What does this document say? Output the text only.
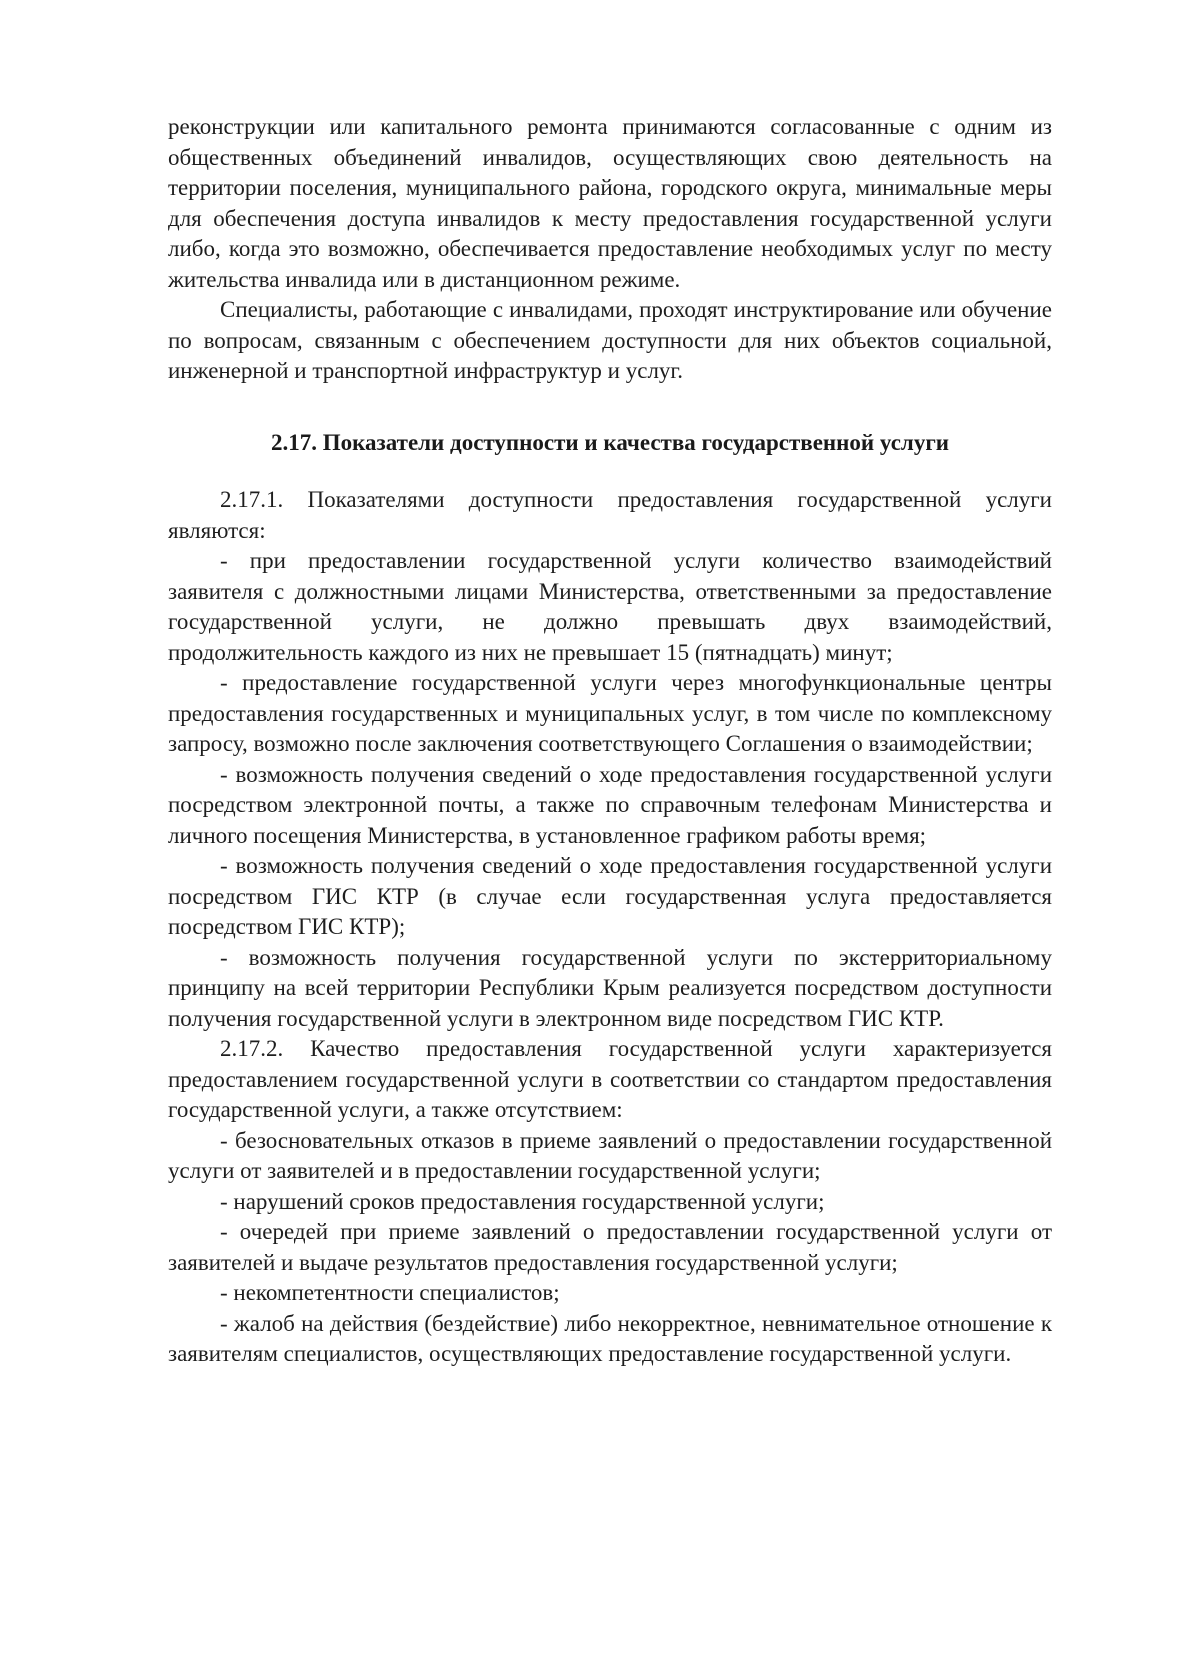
реконструкции или капитального ремонта принимаются согласованные с одним из общественных объединений инвалидов, осуществляющих свою деятельность на территории поселения, муниципального района, городского округа, минимальные меры для обеспечения доступа инвалидов к месту предоставления государственной услуги либо, когда это возможно, обеспечивается предоставление необходимых услуг по месту жительства инвалида или в дистанционном режиме.

Специалисты, работающие с инвалидами, проходят инструктирование или обучение по вопросам, связанным с обеспечением доступности для них объектов социальной, инженерной и транспортной инфраструктур и услуг.

2.17. Показатели доступности и качества государственной услуги

2.17.1. Показателями доступности предоставления государственной услуги являются:

- при предоставлении государственной услуги количество взаимодействий заявителя с должностными лицами Министерства, ответственными за предоставление государственной услуги, не должно превышать двух взаимодействий, продолжительность каждого из них не превышает 15 (пятнадцать) минут;

- предоставление государственной услуги через многофункциональные центры предоставления государственных и муниципальных услуг, в том числе по комплексному запросу, возможно после заключения соответствующего Соглашения о взаимодействии;

- возможность получения сведений о ходе предоставления государственной услуги посредством электронной почты, а также по справочным телефонам Министерства и личного посещения Министерства, в установленное графиком работы время;

- возможность получения сведений о ходе предоставления государственной услуги посредством ГИС КТР (в случае если государственная услуга предоставляется посредством ГИС КТР);

- возможность получения государственной услуги по экстерриториальному принципу на всей территории Республики Крым реализуется посредством доступности получения государственной услуги в электронном виде посредством ГИС КТР.

2.17.2. Качество предоставления государственной услуги характеризуется предоставлением государственной услуги в соответствии со стандартом предоставления государственной услуги, а также отсутствием:

- безосновательных отказов в приеме заявлений о предоставлении государственной услуги от заявителей и в предоставлении государственной услуги;

- нарушений сроков предоставления государственной услуги;

- очередей при приеме заявлений о предоставлении государственной услуги от заявителей и выдаче результатов предоставления государственной услуги;

- некомпетентности специалистов;

- жалоб на действия (бездействие) либо некорректное, невнимательное отношение к заявителям специалистов, осуществляющих предоставление государственной услуги.
